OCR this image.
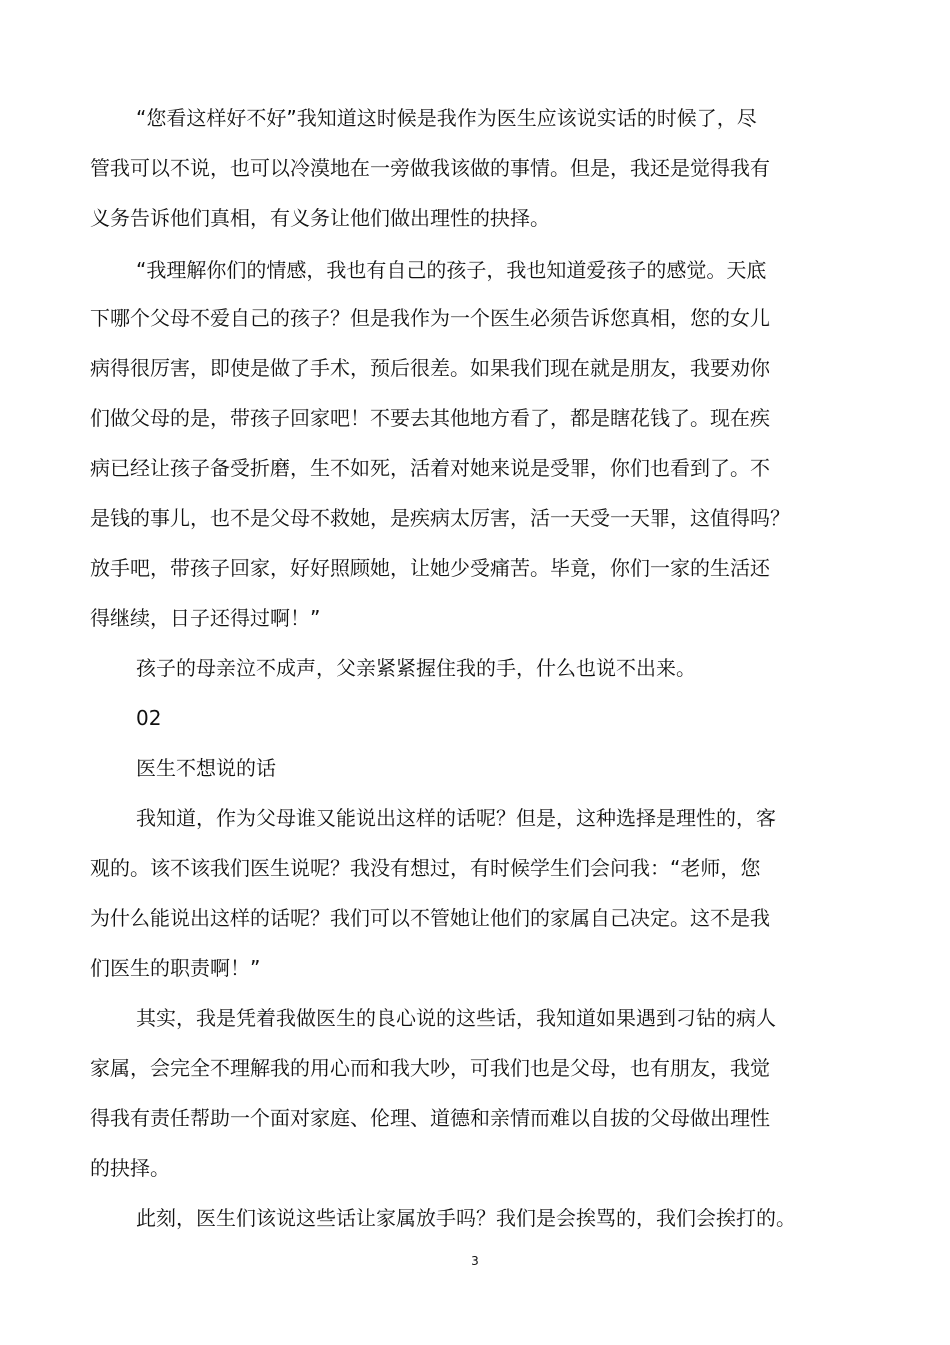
“您看这样好不好”我知道这时候是我作为医生应该说实话的时候了，尽
管我可以不说，也可以冷漠地在一旁做我该做的事情。但是，我还是觉得我有
义务告诉他们真相，有义务让他们做出理性的抉择。
“我理解你们的情感，我也有自己的孩子，我也知道爱孩子的感觉。天底
下哪个父母不爱自己的孩子？但是我作为一个医生必须告诉您真相，您的女儿
病得很厉害，即使是做了手术，预后很差。如果我们现在就是朋友，我要劝你
们做父母的是，带孩子回家吧！不要去其他地方看了，都是瞎花钱了。现在疾
病已经让孩子备受折磨，生不如死，活着对她来说是受罪，你们也看到了。不
是钱的事儿，也不是父母不救她，是疾病太厉害，活一天受一天罪，这值得吗？
放手吧，带孩子回家，好好照顾她，让她少受痛苦。毕竟，你们一家的生活还
得继续，日子还得过啊！”
孩子的母亲泣不成声，父亲紧紧握住我的手，什么也说不出来。
02
医生不想说的话
我知道，作为父母谁又能说出这样的话呢？但是，这种选择是理性的，客
观的。该不该我们医生说呢？我没有想过，有时候学生们会问我：“老师，您
为什么能说出这样的话呢？我们可以不管她让他们的家属自己决定。这不是我
们医生的职责啊！”
其实，我是凭着我做医生的良心说的这些话，我知道如果遇到刁钻的病人
家属，会完全不理解我的用心而和我大吵，可我们也是父母，也有朋友，我觉
得我有责任帮助一个面对家庭、伦理、道德和亲情而难以自拔的父母做出理性
的抉择。
此刻，医生们该说这些话让家属放手吗？我们是会挨骂的，我们会挨打的。
3
